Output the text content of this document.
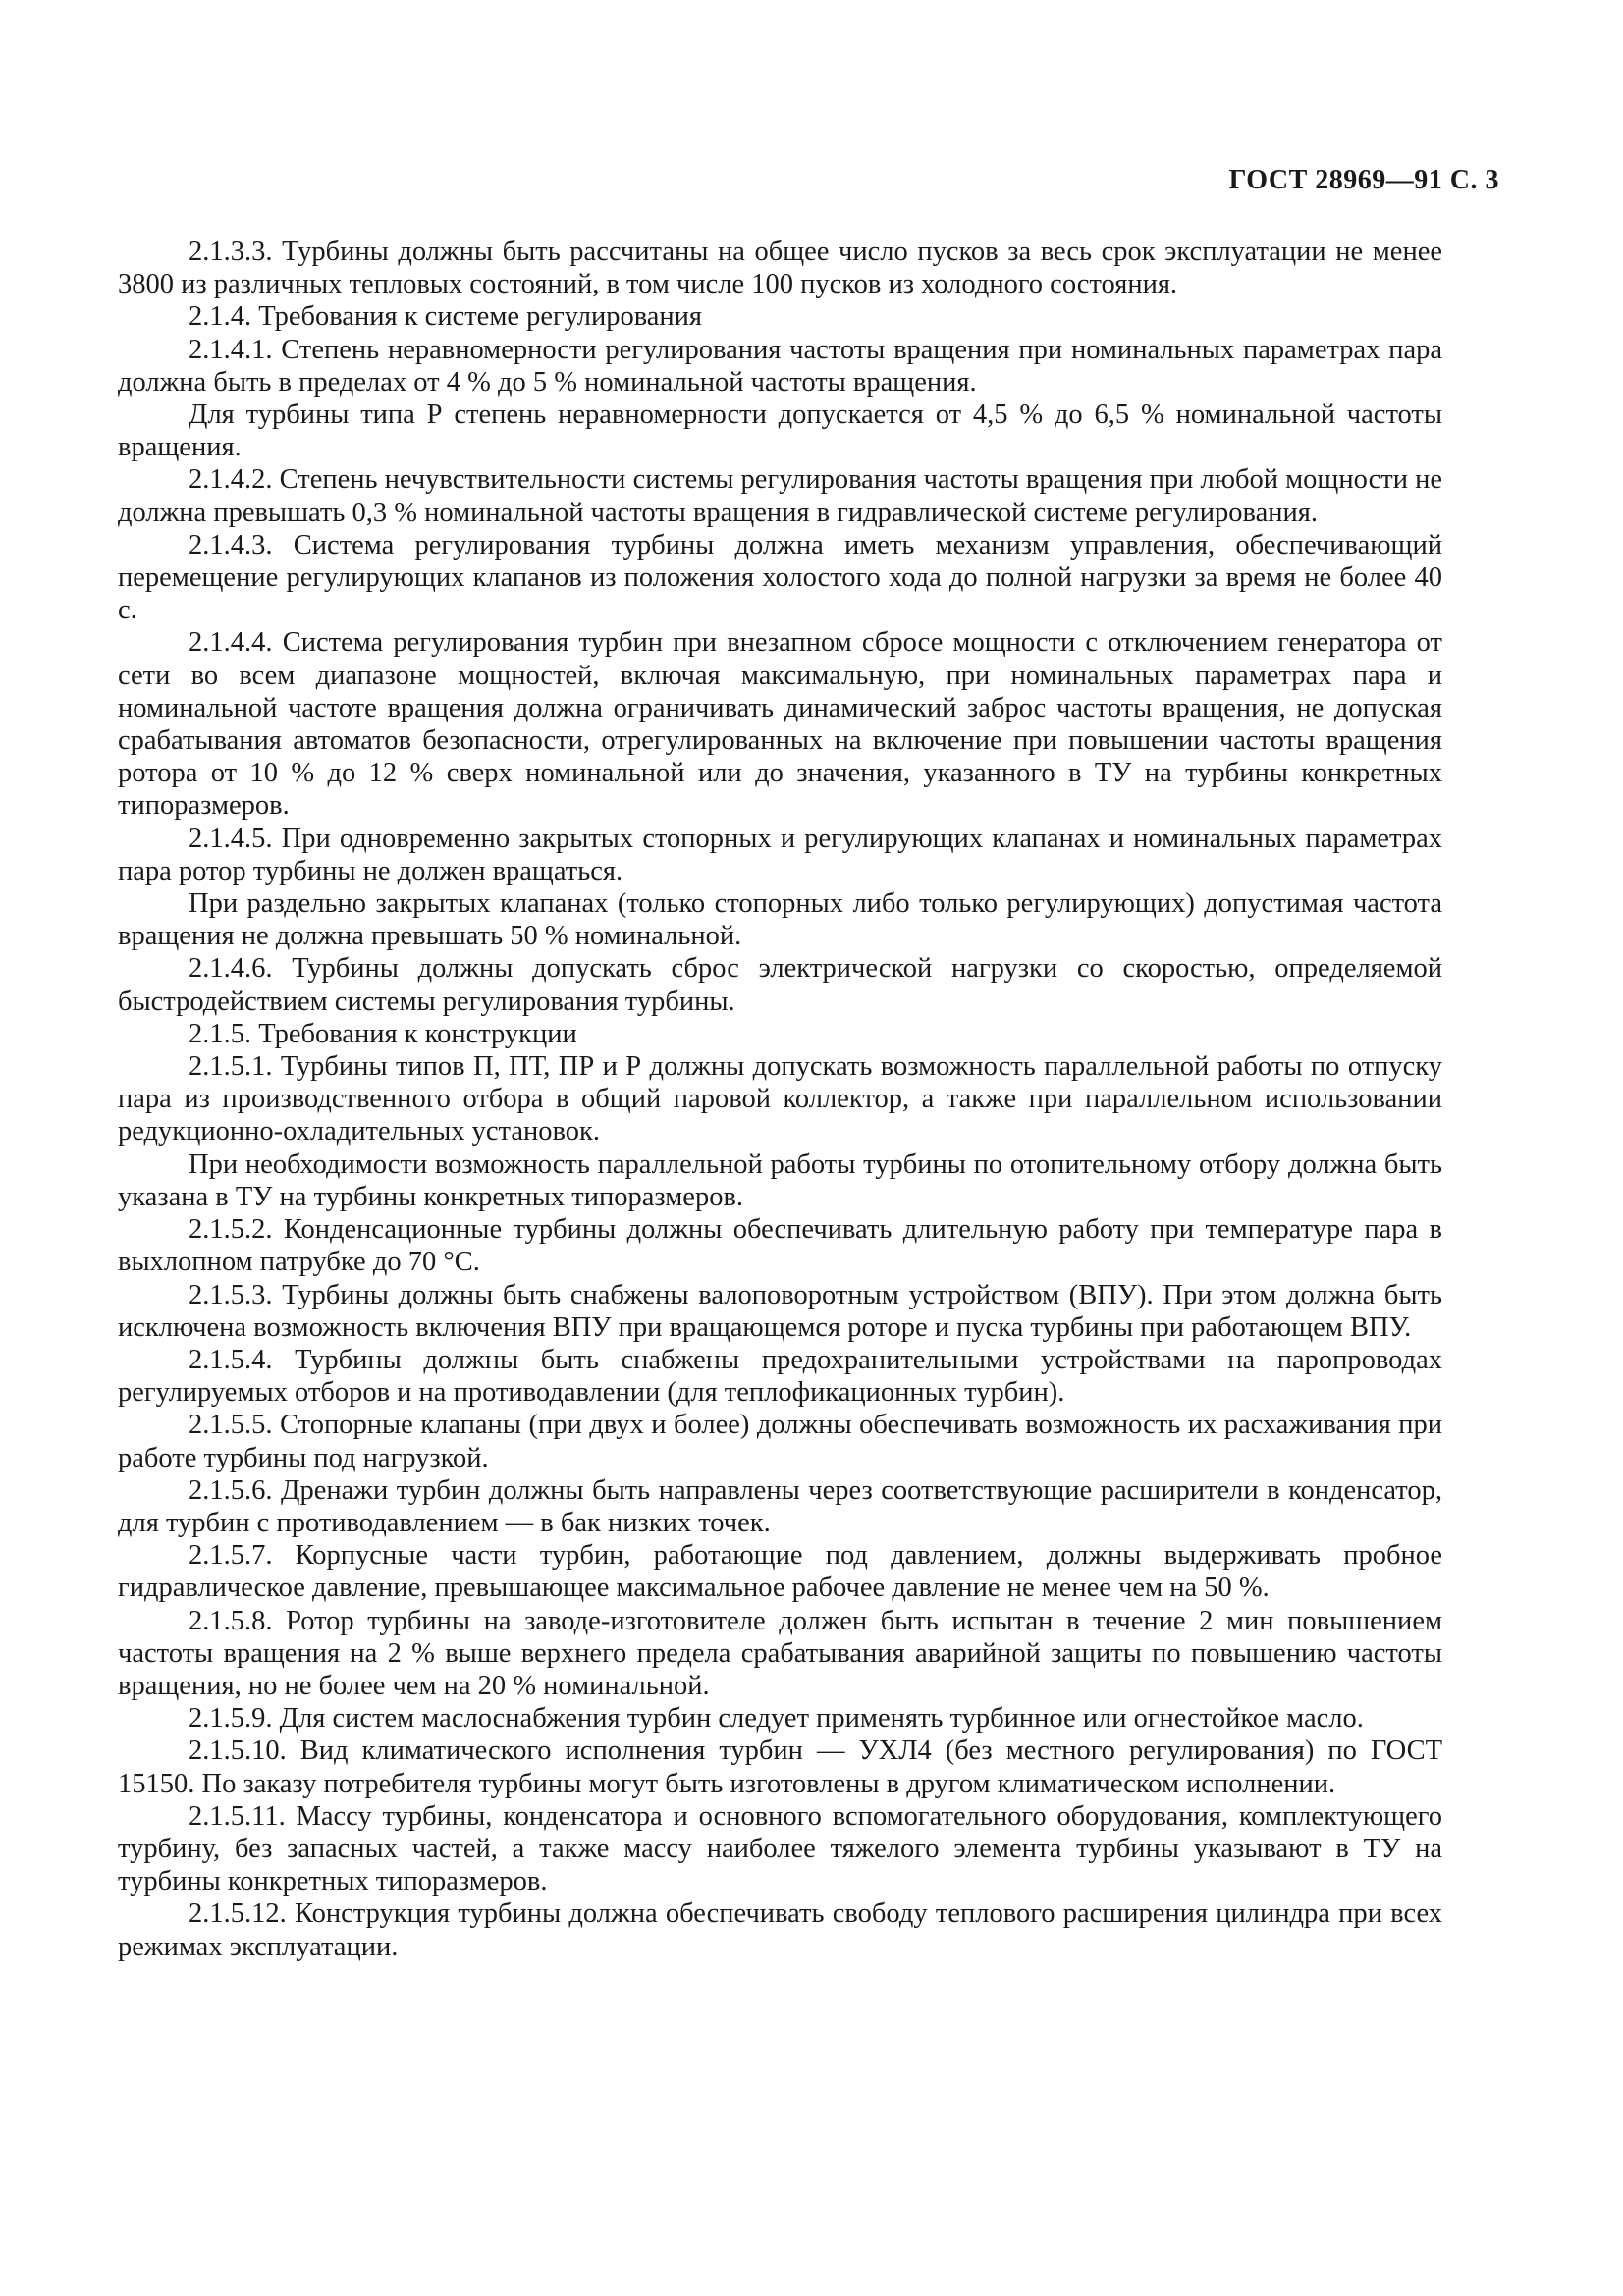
ГОСТ 28969—91 С. 3

2.1.3.3. Турбины должны быть рассчитаны на общее число пусков за весь срок эксплуатации не менее 3800 из различных тепловых состояний, в том числе 100 пусков из холодного состояния.

2.1.4. Требования к системе регулирования

2.1.4.1. Степень неравномерности регулирования частоты вращения при номинальных параметрах пара должна быть в пределах от 4 % до 5 % номинальной частоты вращения.

Для турбины типа Р степень неравномерности допускается от 4,5 % до 6,5 % номинальной частоты вращения.

2.1.4.2. Степень нечувствительности системы регулирования частоты вращения при любой мощности не должна превышать 0,3 % номинальной частоты вращения в гидравлической системе регулирования.

2.1.4.3. Система регулирования турбины должна иметь механизм управления, обеспечивающий перемещение регулирующих клапанов из положения холостого хода до полной нагрузки за время не более 40 с.

2.1.4.4. Система регулирования турбин при внезапном сбросе мощности с отключением генератора от сети во всем диапазоне мощностей, включая максимальную, при номинальных параметрах пара и номинальной частоте вращения должна ограничивать динамический заброс частоты вращения, не допуская срабатывания автоматов безопасности, отрегулированных на включение при повышении частоты вращения ротора от 10 % до 12 % сверх номинальной или до значения, указанного в ТУ на турбины конкретных типоразмеров.

2.1.4.5. При одновременно закрытых стопорных и регулирующих клапанах и номинальных параметрах пара ротор турбины не должен вращаться.

При раздельно закрытых клапанах (только стопорных либо только регулирующих) допустимая частота вращения не должна превышать 50 % номинальной.

2.1.4.6. Турбины должны допускать сброс электрической нагрузки со скоростью, определяемой быстродействием системы регулирования турбины.

2.1.5. Требования к конструкции

2.1.5.1. Турбины типов П, ПТ, ПР и Р должны допускать возможность параллельной работы по отпуску пара из производственного отбора в общий паровой коллектор, а также при параллельном использовании редукционно-охладительных установок.

При необходимости возможность параллельной работы турбины по отопительному отбору должна быть указана в ТУ на турбины конкретных типоразмеров.

2.1.5.2. Конденсационные турбины должны обеспечивать длительную работу при температуре пара в выхлопном патрубке до 70 °С.

2.1.5.3. Турбины должны быть снабжены валоповоротным устройством (ВПУ). При этом должна быть исключена возможность включения ВПУ при вращающемся роторе и пуска турбины при работающем ВПУ.

2.1.5.4. Турбины должны быть снабжены предохранительными устройствами на паропроводах регулируемых отборов и на противодавлении (для теплофикационных турбин).

2.1.5.5. Стопорные клапаны (при двух и более) должны обеспечивать возможность их расхаживания при работе турбины под нагрузкой.

2.1.5.6. Дренажи турбин должны быть направлены через соответствующие расширители в конденсатор, для турбин с противодавлением — в бак низких точек.

2.1.5.7. Корпусные части турбин, работающие под давлением, должны выдерживать пробное гидравлическое давление, превышающее максимальное рабочее давление не менее чем на 50 %.

2.1.5.8. Ротор турбины на заводе-изготовителе должен быть испытан в течение 2 мин повышением частоты вращения на 2 % выше верхнего предела срабатывания аварийной защиты по повышению частоты вращения, но не более чем на 20 % номинальной.

2.1.5.9. Для систем маслоснабжения турбин следует применять турбинное или огнестойкое масло.

2.1.5.10. Вид климатического исполнения турбин — УХЛ4 (без местного регулирования) по ГОСТ 15150. По заказу потребителя турбины могут быть изготовлены в другом климатическом исполнении.

2.1.5.11. Массу турбины, конденсатора и основного вспомогательного оборудования, комплектующего турбину, без запасных частей, а также массу наиболее тяжелого элемента турбины указывают в ТУ на турбины конкретных типоразмеров.

2.1.5.12. Конструкция турбины должна обеспечивать свободу теплового расширения цилиндра при всех режимах эксплуатации.
